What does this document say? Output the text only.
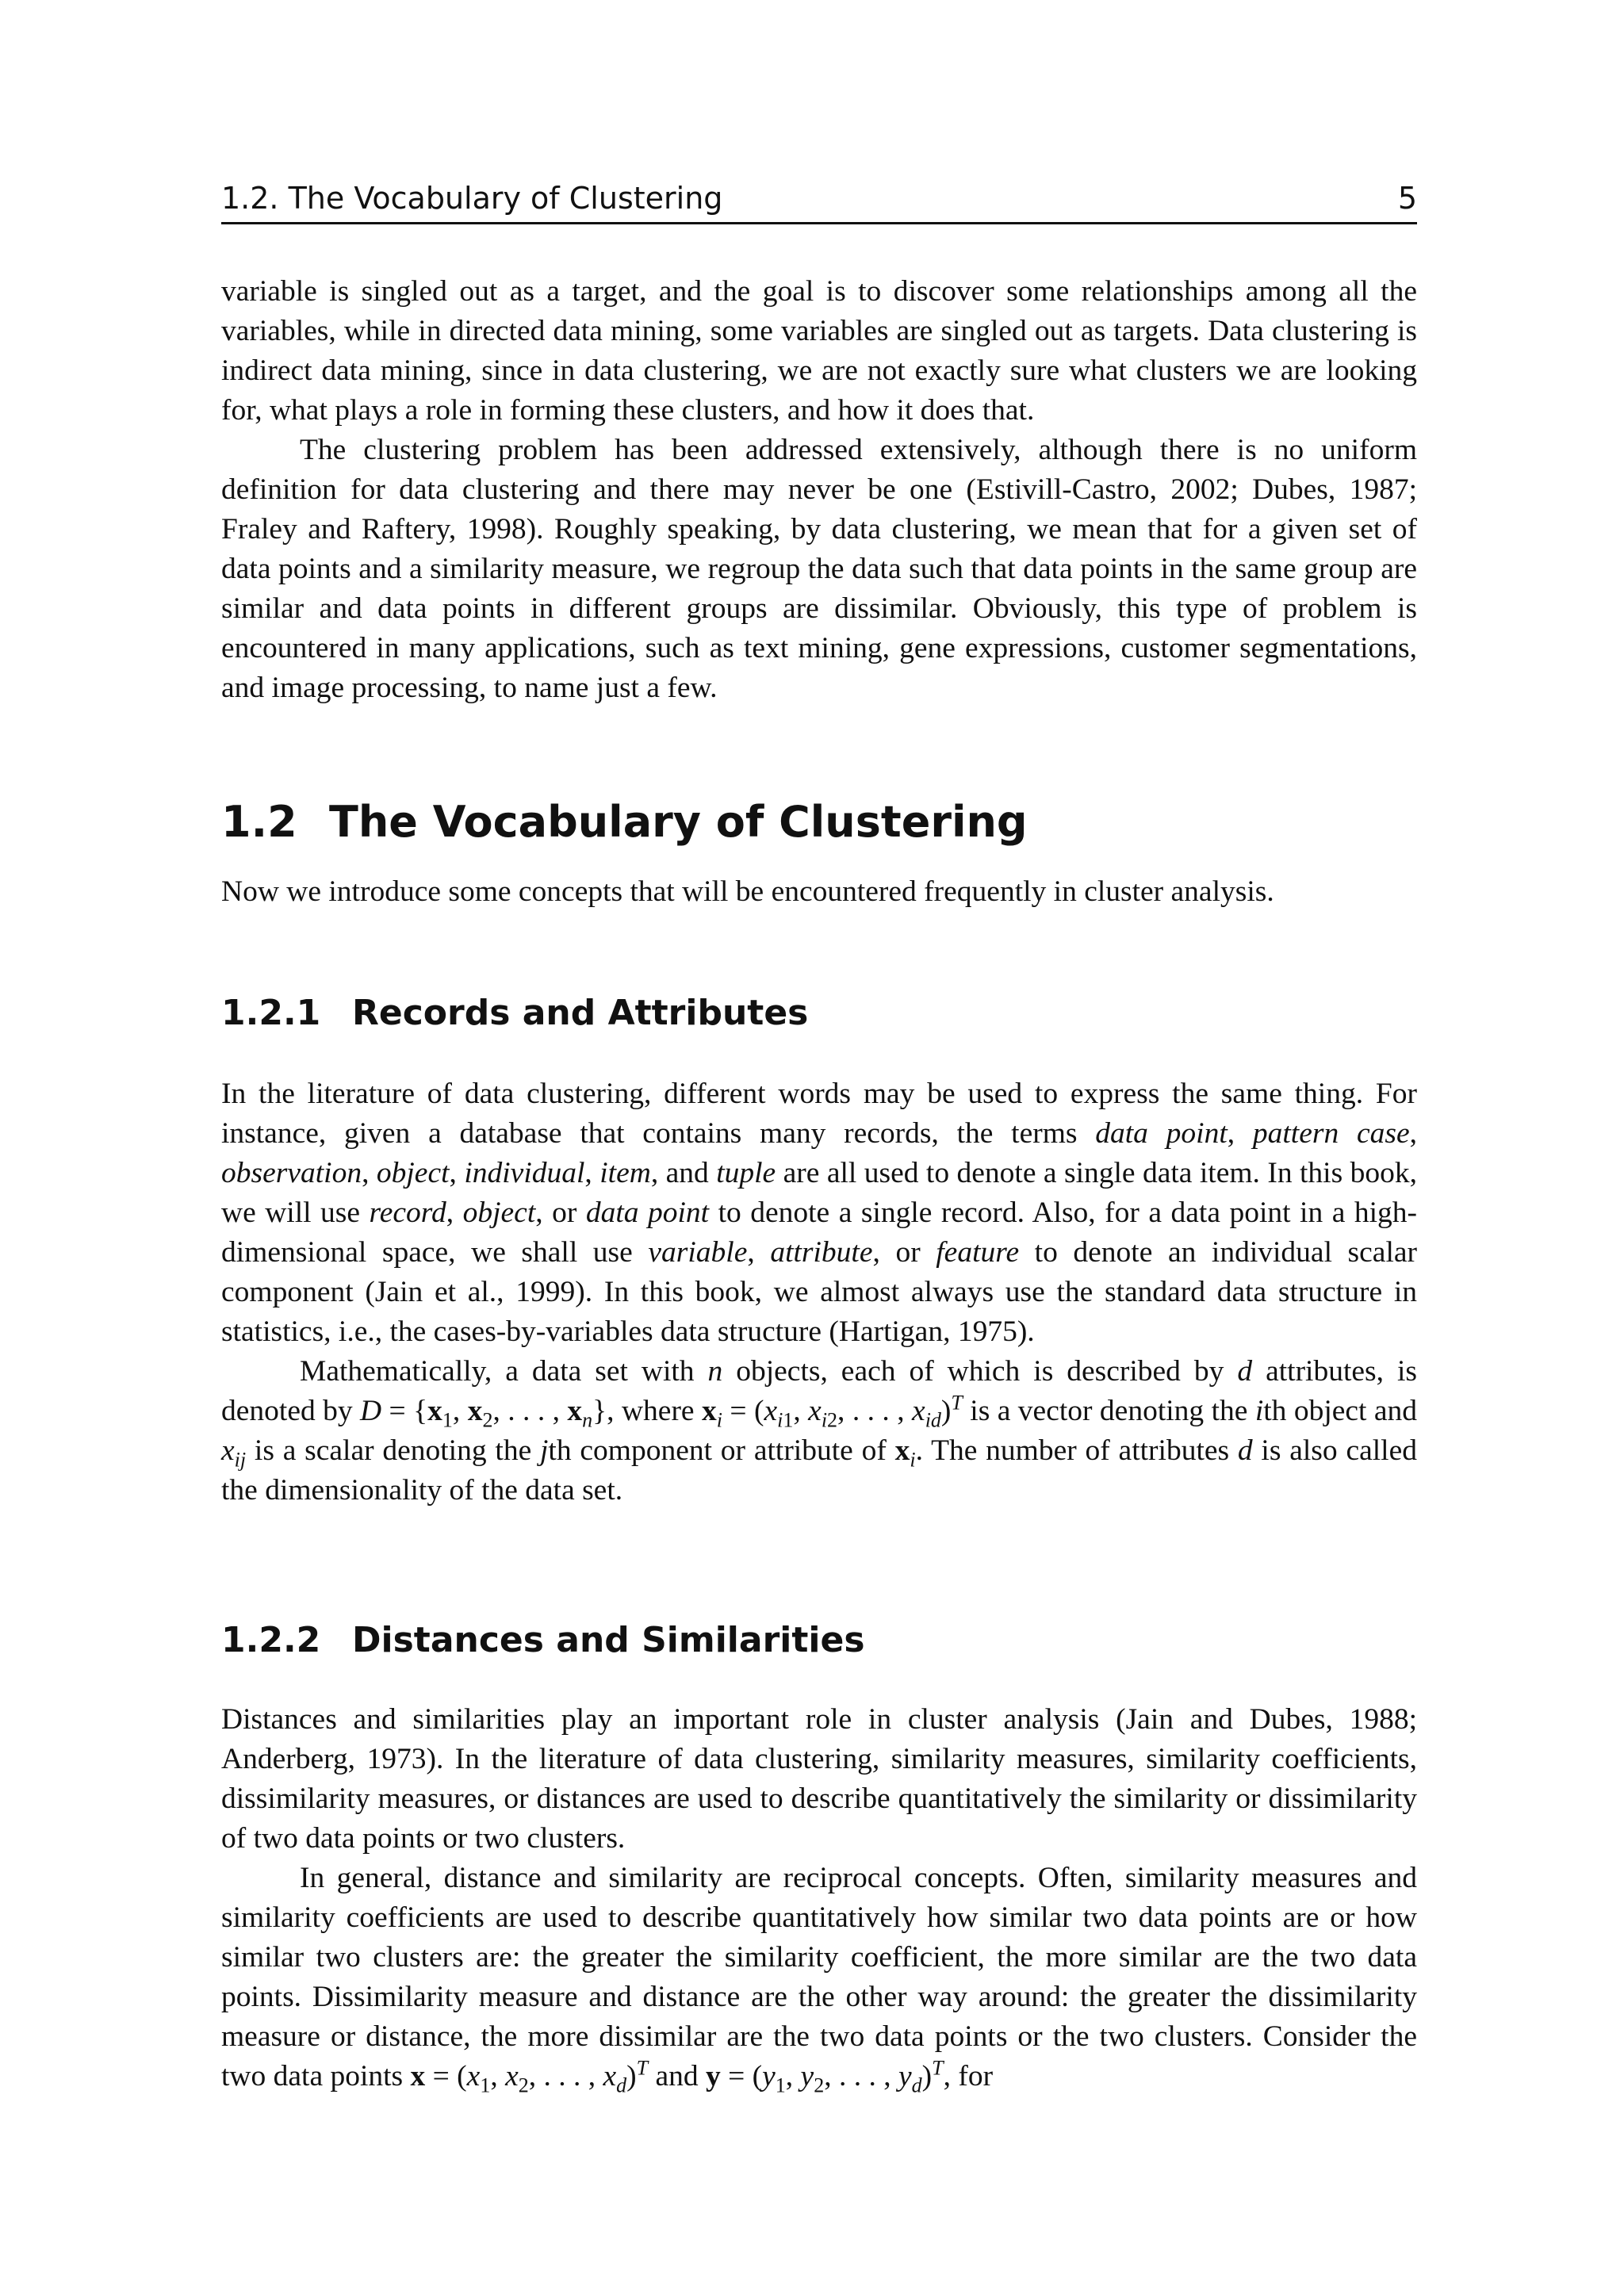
1.2. The Vocabulary of Clustering	5

variable is singled out as a target, and the goal is to discover some relationships among all the variables, while in directed data mining, some variables are singled out as targets. Data clustering is indirect data mining, since in data clustering, we are not exactly sure what clusters we are looking for, what plays a role in forming these clusters, and how it does that.

The clustering problem has been addressed extensively, although there is no uniform definition for data clustering and there may never be one (Estivill-Castro, 2002; Dubes, 1987; Fraley and Raftery, 1998). Roughly speaking, by data clustering, we mean that for a given set of data points and a similarity measure, we regroup the data such that data points in the same group are similar and data points in different groups are dissimilar. Obviously, this type of problem is encountered in many applications, such as text mining, gene expressions, customer segmentations, and image processing, to name just a few.

1.2 The Vocabulary of Clustering

Now we introduce some concepts that will be encountered frequently in cluster analysis.

1.2.1 Records and Attributes

In the literature of data clustering, different words may be used to express the same thing. For instance, given a database that contains many records, the terms data point, pattern case, observation, object, individual, item, and tuple are all used to denote a single data item. In this book, we will use record, object, or data point to denote a single record. Also, for a data point in a high-dimensional space, we shall use variable, attribute, or feature to denote an individual scalar component (Jain et al., 1999). In this book, we almost always use the standard data structure in statistics, i.e., the cases-by-variables data structure (Hartigan, 1975).

Mathematically, a data set with n objects, each of which is described by d attributes, is denoted by $D = \{x_1$, $x_2$, . . . , $x_n$}, where $x_i = (x_{i1}$, $x_{i2}$, . . . , $x_{id})^T$ is a vector denoting the ith object and $x_{ij}$ is a scalar denoting the jth component or attribute of $x_i$. The number of attributes d is also called the dimensionality of the data set.

1.2.2 Distances and Similarities

Distances and similarities play an important role in cluster analysis (Jain and Dubes, 1988; Anderberg, 1973). In the literature of data clustering, similarity measures, similarity coefficients, dissimilarity measures, or distances are used to describe quantitatively the similarity or dissimilarity of two data points or two clusters.

In general, distance and similarity are reciprocal concepts. Often, similarity measures and similarity coefficients are used to describe quantitatively how similar two data points are or how similar two clusters are: the greater the similarity coefficient, the more similar are the two data points. Dissimilarity measure and distance are the other way around: the greater the dissimilarity measure or distance, the more dissimilar are the two data points or the two clusters. Consider the two data points $x = (x_1$, $x_2$, . . . , $x_d)^T$ and $y = (y_1$, $y_2$, . . . , $y_d)^T$, for
